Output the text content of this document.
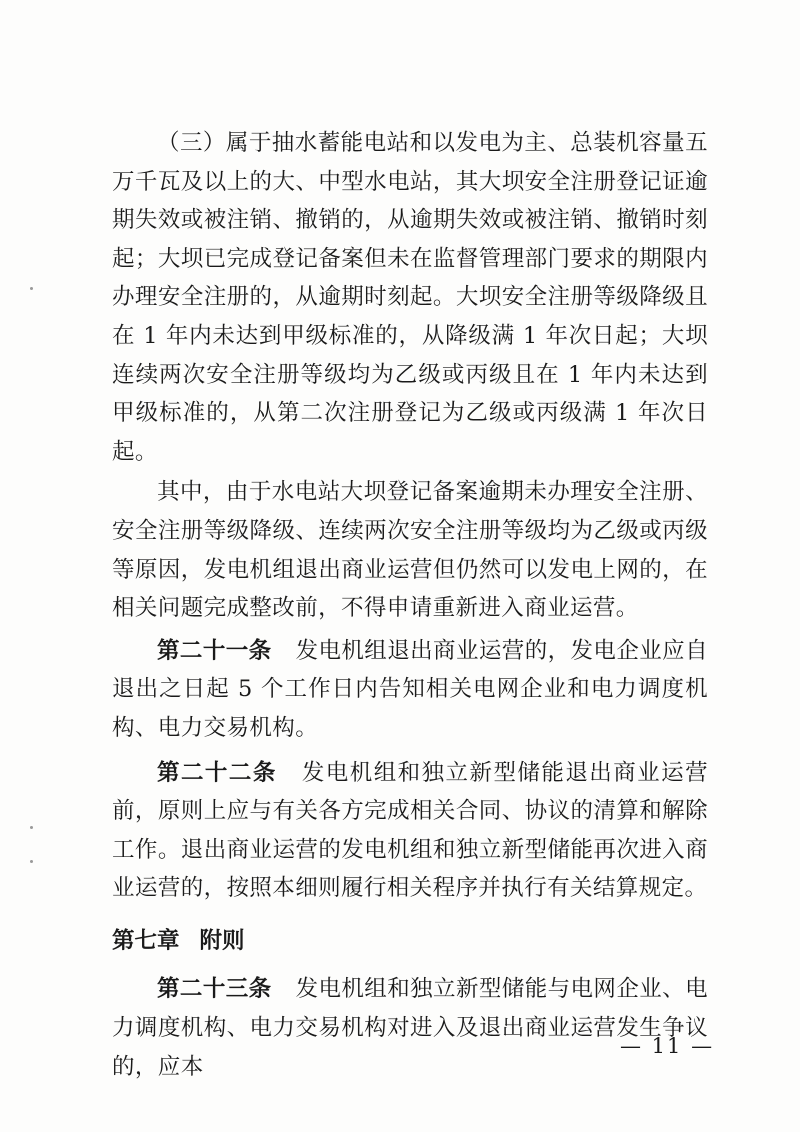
（三）属于抽水蓄能电站和以发电为主、总装机容量五万千瓦及以上的大、中型水电站，其大坝安全注册登记证逾期失效或被注销、撤销的，从逾期失效或被注销、撤销时刻起；大坝已完成登记备案但未在监督管理部门要求的期限内办理安全注册的，从逾期时刻起。大坝安全注册等级降级且在 1 年内未达到甲级标准的，从降级满 1 年次日起；大坝连续两次安全注册等级均为乙级或丙级且在 1 年内未达到甲级标准的，从第二次注册登记为乙级或丙级满 1 年次日起。

其中，由于水电站大坝登记备案逾期未办理安全注册、安全注册等级降级、连续两次安全注册等级均为乙级或丙级等原因，发电机组退出商业运营但仍然可以发电上网的，在相关问题完成整改前，不得申请重新进入商业运营。

第二十一条 发电机组退出商业运营的，发电企业应自退出之日起 5 个工作日内告知相关电网企业和电力调度机构、电力交易机构。

第二十二条 发电机组和独立新型储能退出商业运营前，原则上应与有关各方完成相关合同、协议的清算和解除工作。退出商业运营的发电机组和独立新型储能再次进入商业运营的，按照本细则履行相关程序并执行有关结算规定。

第七章 附则

第二十三条 发电机组和独立新型储能与电网企业、电力调度机构、电力交易机构对进入及退出商业运营发生争议的，应本

— 11 —
